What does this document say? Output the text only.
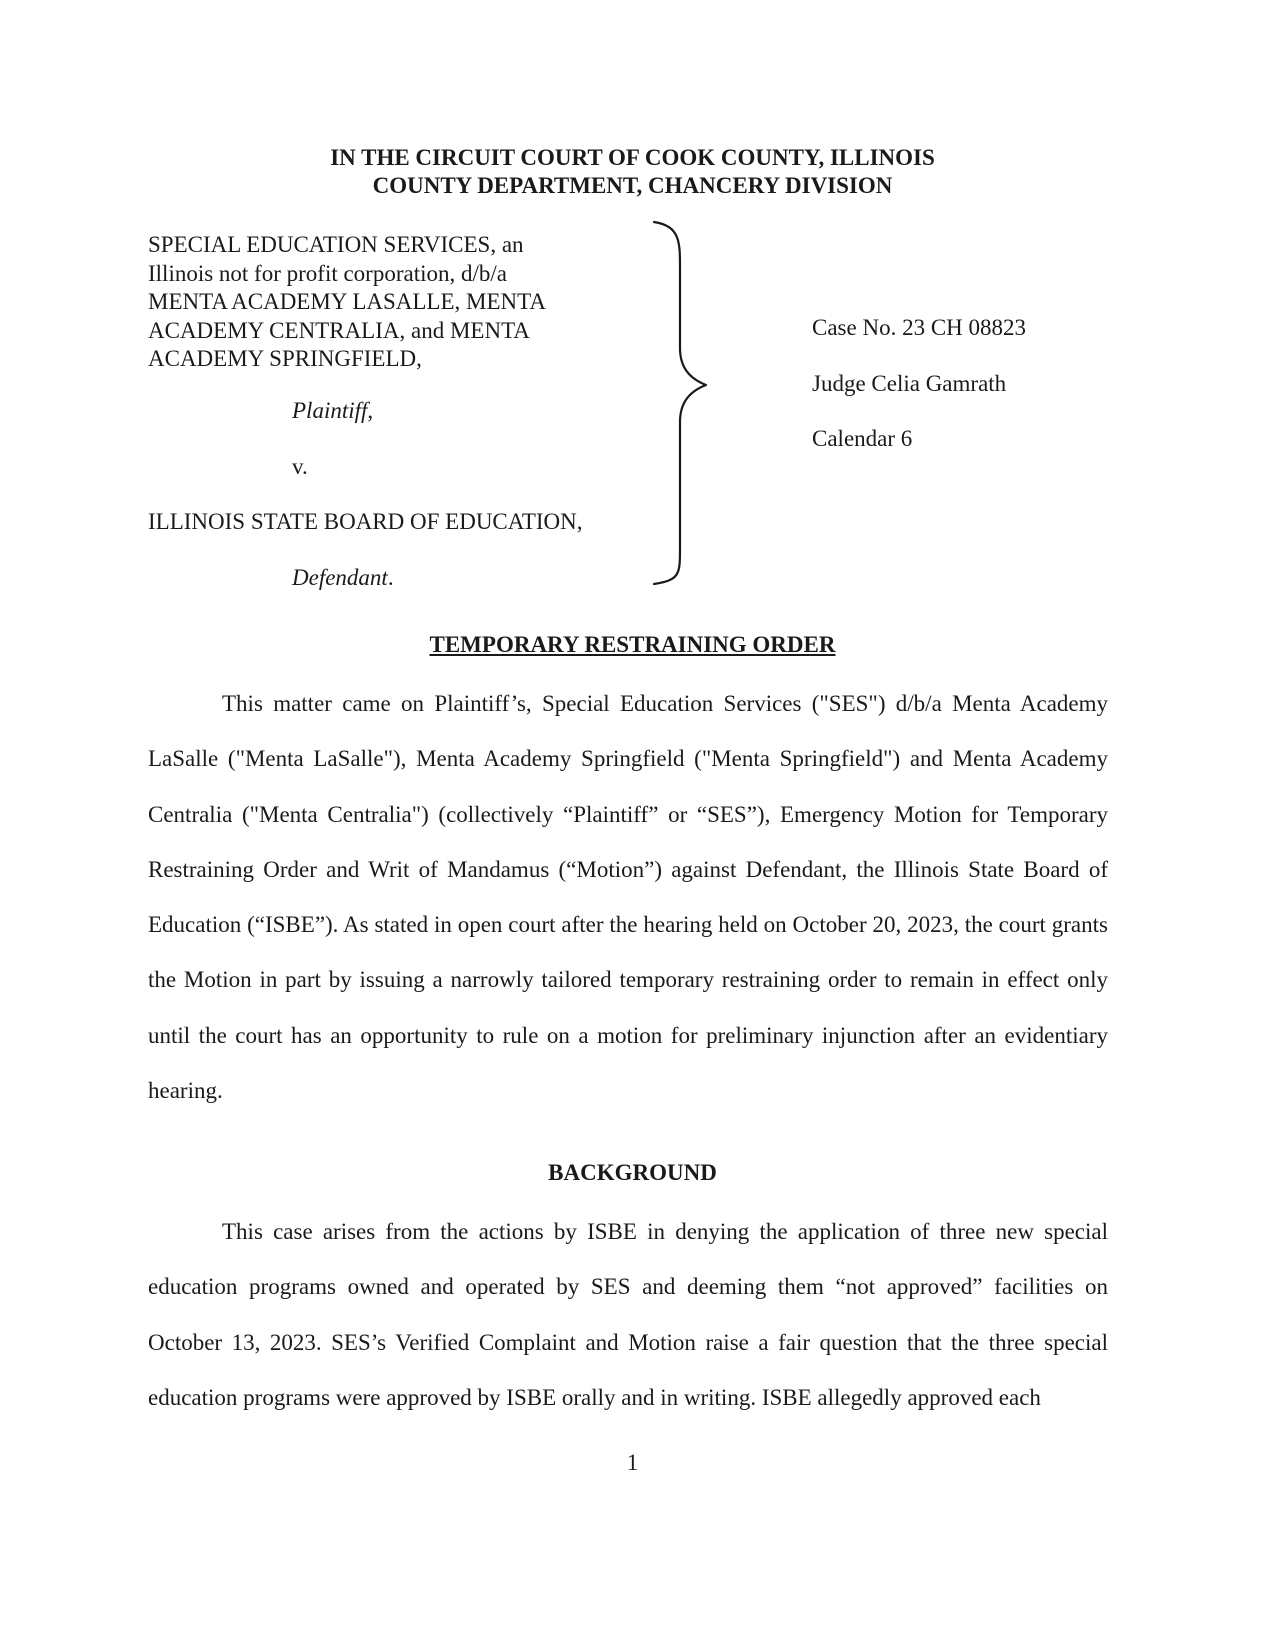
IN THE CIRCUIT COURT OF COOK COUNTY, ILLINOIS
COUNTY DEPARTMENT, CHANCERY DIVISION
SPECIAL EDUCATION SERVICES, an
Illinois not for profit corporation, d/b/a
MENTA ACADEMY LASALLE, MENTA
ACADEMY CENTRALIA, and MENTA
ACADEMY SPRINGFIELD,
Plaintiff,
v.
ILLINOIS STATE BOARD OF EDUCATION,
Defendant.
Case No. 23 CH 08823
Judge Celia Gamrath
Calendar 6
TEMPORARY RESTRAINING ORDER

This matter came on Plaintiff’s, Special Education Services ("SES") d/b/a Menta Academy LaSalle ("Menta LaSalle"), Menta Academy Springfield ("Menta Springfield") and Menta Academy Centralia ("Menta Centralia") (collectively “Plaintiff” or “SES”), Emergency Motion for Temporary Restraining Order and Writ of Mandamus (“Motion”) against Defendant, the Illinois State Board of Education (“ISBE”). As stated in open court after the hearing held on October 20, 2023, the court grants the Motion in part by issuing a narrowly tailored temporary restraining order to remain in effect only until the court has an opportunity to rule on a motion for preliminary injunction after an evidentiary hearing.

BACKGROUND

This case arises from the actions by ISBE in denying the application of three new special education programs owned and operated by SES and deeming them “not approved” facilities on October 13, 2023. SES’s Verified Complaint and Motion raise a fair question that the three special education programs were approved by ISBE orally and in writing. ISBE allegedly approved each

1
